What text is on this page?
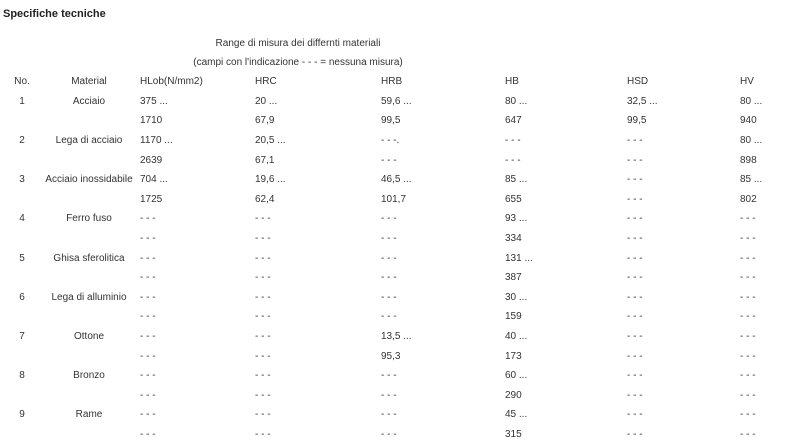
Specifiche tecniche
Range di misura dei differnti materiali
(campi con l'indicazione - - - = nessuna misura)
No.	Material	HLob(N/mm2)	HRC	HRB	HB	HSD	HV
1	Acciaio	375 ...	20 ...	59,6 ...	80 ...	32,5 ...	80 ...
		1710	67,9	99,5	647	99,5	940
2	Lega di acciaio	1170 ...	20,5 ...	- - -.	- - -	- - -	80 ...
		2639	67,1	- - -	- - -	- - -	898
3	Acciaio inossidabile	704 ...	19,6 ...	46,5 ...	85 ...	- - -	85 ...
		1725	62,4	101,7	655	- - -	802
4	Ferro fuso	- - -	- - -	- - -	93 ...	- - -	- - -
		- - -	- - -	- - -	334	- - -	- - -
5	Ghisa sferolitica	- - -	- - -	- - -	131 ...	- - -	- - -
		- - -	- - -	- - -	387	- - -	- - -
6	Lega di alluminio	- - -	- - -	- - -	30 ...	- - -	- - -
		- - -	- - -	- - -	159	- - -	- - -
7	Ottone	- - -	- - -	13,5 ...	40 ...	- - -	- - -
		- - -	- - -	95,3	173	- - -	- - -
8	Bronzo	- - -	- - -	- - -	60 ...	- - -	- - -
		- - -	- - -	- - -	290	- - -	- - -
9	Rame	- - -	- - -	- - -	45 ...	- - -	- - -
		- - -	- - -	- - -	315	- - -	- - -
